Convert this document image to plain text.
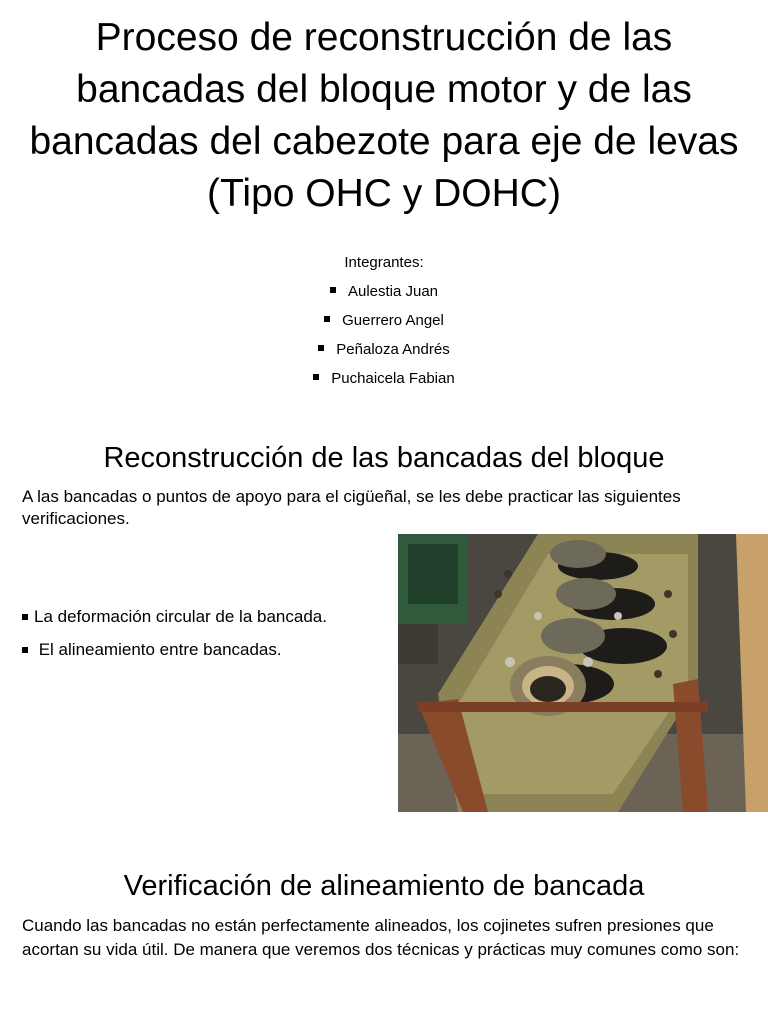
Proceso de reconstrucción de las bancadas del bloque motor y de las bancadas del cabezote para eje de levas (Tipo OHC y DOHC)
Integrantes:
Aulestia Juan
Guerrero Angel
Peñaloza Andrés
Puchaicela Fabian
Reconstrucción de las bancadas del bloque

A las bancadas o puntos de apoyo para el cigüeñal, se les debe practicar las siguientes verificaciones.

La deformación circular de la bancada.
El alineamiento entre bancadas.
Verificación de alineamiento de bancada

Cuando las bancadas no están perfectamente alineados, los cojinetes sufren presiones que acortan su vida útil. De manera que veremos dos técnicas y prácticas muy comunes como son:
